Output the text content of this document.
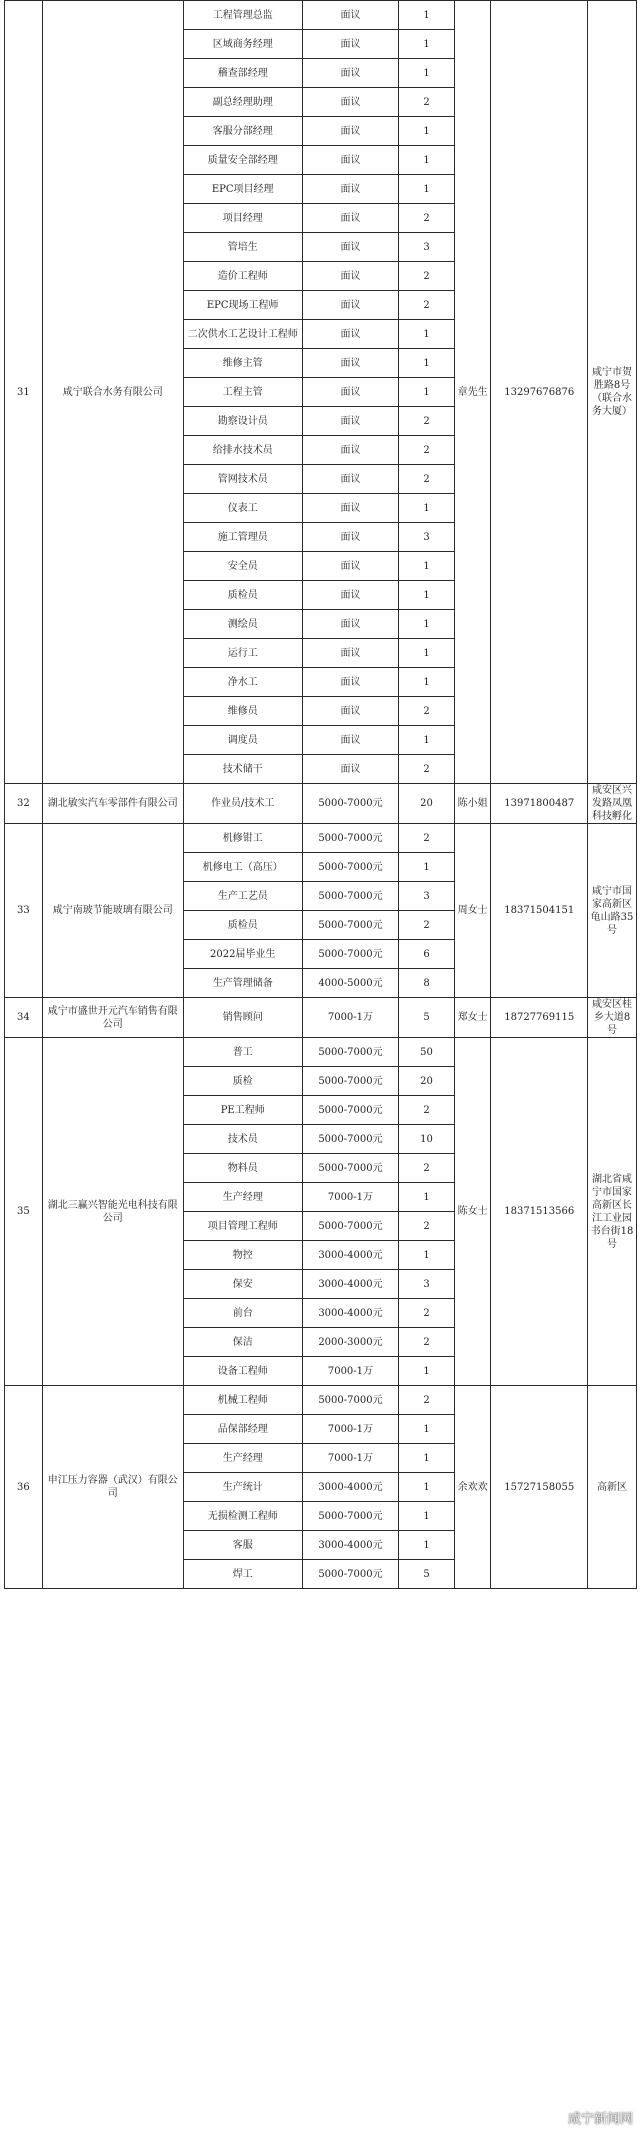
31	咸宁联合水务有限公司	工程管理总监	面议	1	章先生	13297676876	咸宁市贺胜路8号（联合水务大厦）
		区域商务经理	面议	1			
		稽查部经理	面议	1			
		副总经理助理	面议	2			
		客服分部经理	面议	1			
		质量安全部经理	面议	1			
		EPC项目经理	面议	1			
		项目经理	面议	2			
		管培生	面议	3			
		造价工程师	面议	2			
		EPC现场工程师	面议	2			
		二次供水工艺设计工程师	面议	1			
		维修主管	面议	1			
		工程主管	面议	1			
		勘察设计员	面议	2			
		给排水技术员	面议	2			
		管网技术员	面议	2			
		仪表工	面议	1			
		施工管理员	面议	3			
		安全员	面议	1			
		质检员	面议	1			
		测绘员	面议	1			
		运行工	面议	1			
		净水工	面议	1			
		维修员	面议	2			
		调度员	面议	1			
		技术储干	面议	2			
32	湖北敏实汽车零部件有限公司	作业员/技术工	5000-7000元	20	陈小姐	13971800487	咸安区兴发路凤凰科技孵化
33	咸宁南玻节能玻璃有限公司	机修钳工	5000-7000元	2	周女士	18371504151	咸宁市国家高新区龟山路35号
		机修电工（高压）	5000-7000元	1			
		生产工艺员	5000-7000元	3			
		质检员	5000-7000元	2			
		2022届毕业生	5000-7000元	6			
		生产管理储备	4000-5000元	8			
34	咸宁市盛世开元汽车销售有限公司	销售顾问	7000-1万	5	郑女士	18727769115	咸安区桂乡大道8号
35	湖北三赢兴智能光电科技有限公司	普工	5000-7000元	50	陈女士	18371513566	湖北省咸宁市国家高新区长江工业园书台街18号
		质检	5000-7000元	20			
		PE工程师	5000-7000元	2			
		技术员	5000-7000元	10			
		物料员	5000-7000元	2			
		生产经理	7000-1万	1			
		项目管理工程师	5000-7000元	2			
		物控	3000-4000元	1			
		保安	3000-4000元	3			
		前台	3000-4000元	2			
		保洁	2000-3000元	2			
		设备工程师	7000-1万	1			
36	申江压力容器（武汉）有限公司	机械工程师	5000-7000元	2	余欢欢	15727158055	高新区
		品保部经理	7000-1万	1			
		生产经理	7000-1万	1			
		生产统计	3000-4000元	1			
		无损检测工程师	5000-7000元	1			
		客服	3000-4000元	1			
		焊工	5000-7000元	5			
咸宁新闻网
